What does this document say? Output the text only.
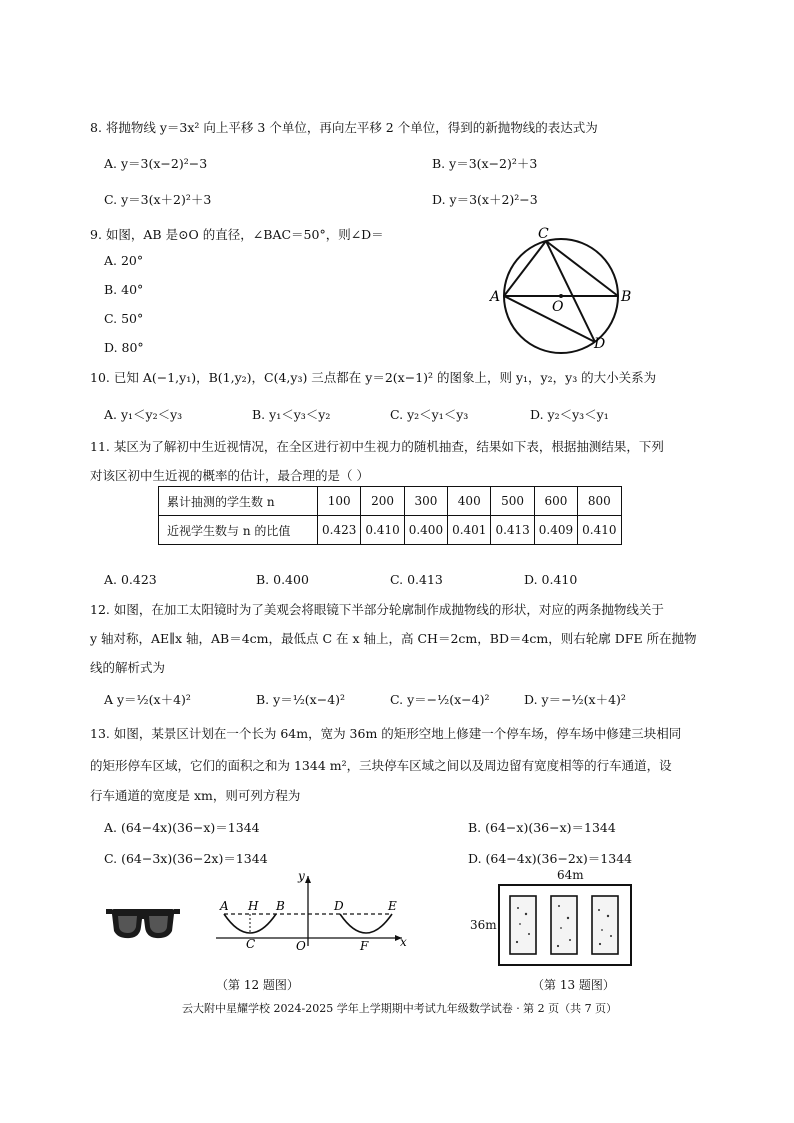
8. 将抛物线 y＝3x² 向上平移 3 个单位，再向左平移 2 个单位，得到的新抛物线的表达式为
A. y＝3(x−2)²−3	B. y＝3(x−2)²＋3
C. y＝3(x＋2)²＋3	D. y＝3(x＋2)²−3
9. 如图，AB 是⊙O 的直径，∠BAC＝50°，则∠D＝
A. 20°
B. 40°
C. 50°
D. 80°
C
A
O
B
D
10. 已知 A(−1,y₁)，B(1,y₂)，C(4,y₃) 三点都在 y＝2(x−1)² 的图象上，则 y₁，y₂，y₃ 的大小关系为
A. y₁＜y₂＜y₃	B. y₁＜y₃＜y₂	C. y₂＜y₁＜y₃	D. y₂＜y₃＜y₁
11. 某区为了解初中生近视情况，在全区进行初中生视力的随机抽查，结果如下表，根据抽测结果，下列
对该区初中生近视的概率的估计，最合理的是（ ）
累计抽测的学生数 n	100	200	300	400	500	600	800
近视学生数与 n 的比值	0.423	0.410	0.400	0.401	0.413	0.409	0.410
A. 0.423	B. 0.400	C. 0.413	D. 0.410
12. 如图，在加工太阳镜时为了美观会将眼镜下半部分轮廓制作成抛物线的形状，对应的两条抛物线关于
y 轴对称，AE∥x 轴，AB＝4cm，最低点 C 在 x 轴上，高 CH＝2cm，BD＝4cm，则右轮廓 DFE 所在抛物
线的解析式为
A y＝½(x＋4)²	B. y＝½(x−4)²	C. y＝−½(x−4)²	D. y＝−½(x＋4)²
13. 如图，某景区计划在一个长为 64m，宽为 36m 的矩形空地上修建一个停车场，停车场中修建三块相同
的矩形停车区域，它们的面积之和为 1344 m²，三块停车区域之间以及周边留有宽度相等的行车通道，设
行车通道的宽度是 xm，则可列方程为
A. (64−4x)(36−x)＝1344	B. (64−x)(36−x)＝1344
C. (64−3x)(36−2x)＝1344	D. (64−4x)(36−2x)＝1344
A H B	D	E
C	O	F	x
y	64m
36m
（第 12 题图）	（第 13 题图）
云大附中星耀学校 2024-2025 学年上学期期中考试九年级数学试卷 · 第 2 页（共 7 页）
